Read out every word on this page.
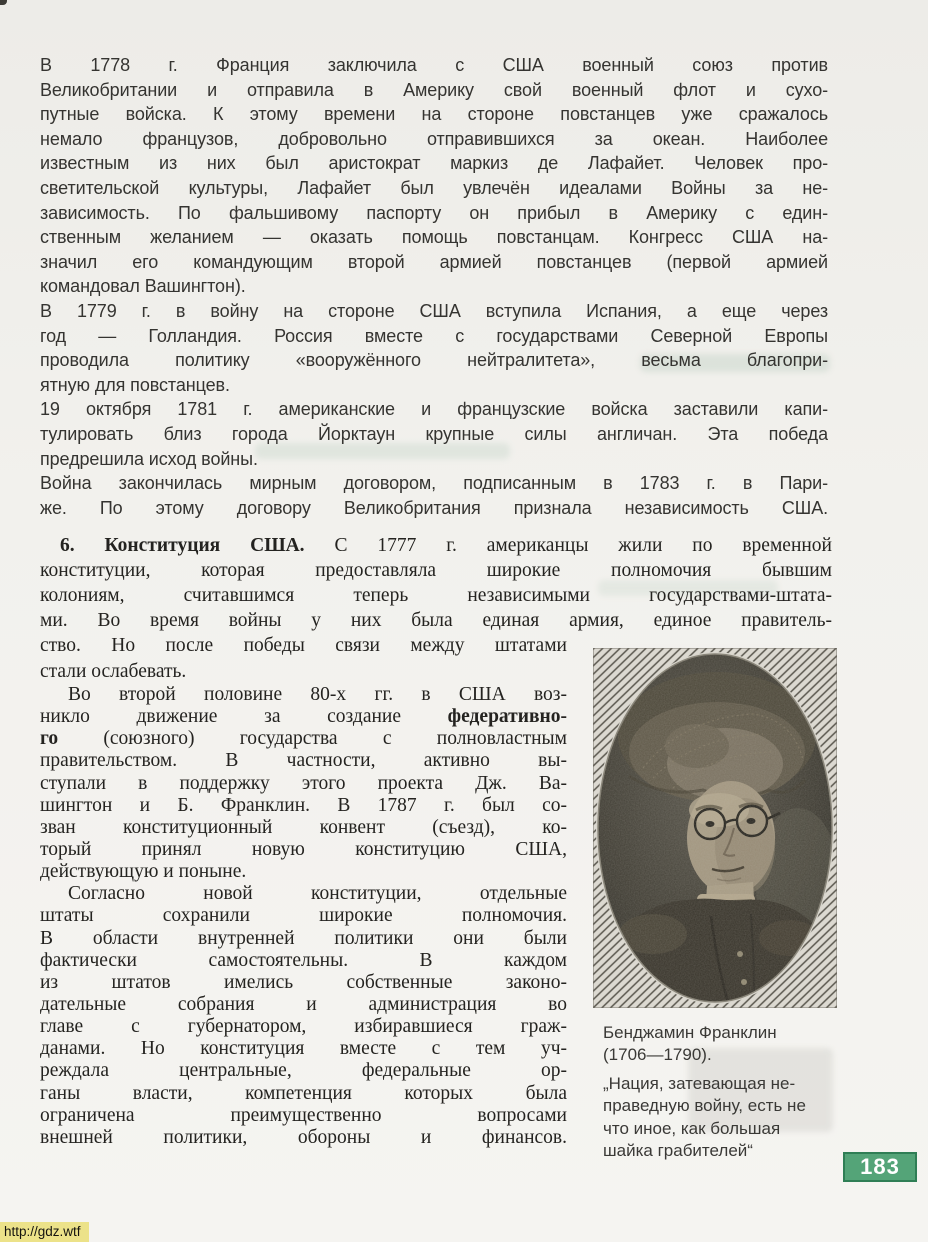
В 1778 г. Франция заключила с США военный союз против
Великобритании и отправила в Америку свой военный флот и сухо-
путные войска. К этому времени на стороне повстанцев уже сражалось
немало французов, добровольно отправившихся за океан. Наиболее
известным из них был аристократ маркиз де Лафайет. Человек про-
светительской культуры, Лафайет был увлечён идеалами Войны за не-
зависимость. По фальшивому паспорту он прибыл в Америку с един-
ственным желанием — оказать помощь повстанцам. Конгресс США на-
значил его командующим второй армией повстанцев (первой армией
командовал Вашингтон).
В 1779 г. в войну на стороне США вступила Испания, а еще через
год — Голландия. Россия вместе с государствами Северной Европы
проводила политику «вооружённого нейтралитета», весьма благопри-
ятную для повстанцев.
19 октября 1781 г. американские и французские войска заставили капи-
тулировать близ города Йорктаун крупные силы англичан. Эта победа
предрешила исход войны.
Война закончилась мирным договором, подписанным в 1783 г. в Пари-
же. По этому договору Великобритания признала независимость США.
6. Конституция США. С 1777 г. американцы жили по временной
конституции, которая предоставляла широкие полномочия бывшим
колониям, считавшимся теперь независимыми государствами-штата-
ми. Во время войны у них была единая армия, единое правитель-
ство. Но после победы связи между штатами
стали ослабевать.
Во второй половине 80-х гг. в США воз-
никло движение за создание федеративно-
го (союзного) государства с полновластным
правительством. В частности, активно вы-
ступали в поддержку этого проекта Дж. Ва-
шингтон и Б. Франклин. В 1787 г. был со-
зван конституционный конвент (съезд), ко-
торый принял новую конституцию США,
действующую и поныне.
Согласно новой конституции, отдельные
штаты сохранили широкие полномочия.
В области внутренней политики они были
фактически самостоятельны. В каждом
из штатов имелись собственные законо-
дательные собрания и администрация во
главе с губернатором, избиравшиеся граж-
данами. Но конституция вместе с тем уч-
реждала центральные, федеральные ор-
ганы власти, компетенция которых была
ограничена преимущественно вопросами
внешней политики, обороны и финансов.
Бенджамин Франклин
(1706—1790).
„Нация, затевающая не-
праведную войну, есть не
что иное, как большая
шайка грабителей“
183
http://gdz.wtf
